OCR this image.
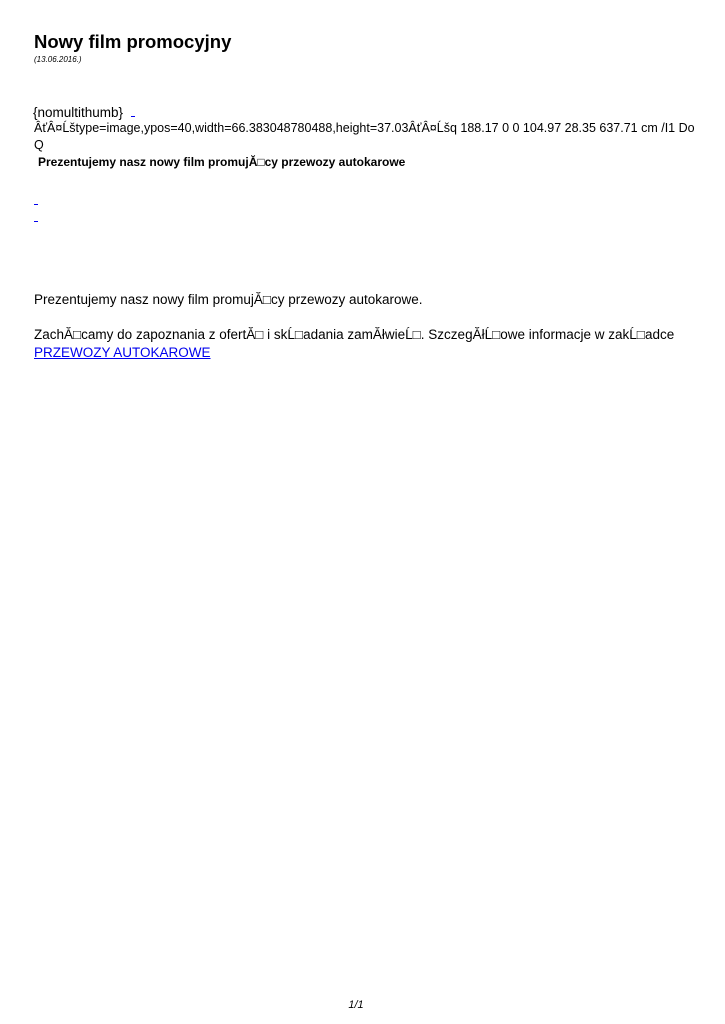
Nowy film promocyjny
(13.06.2016.)
{nomultithumb}
ÂťÂ¤Ĺštype=image,ypos=40,width=66.383048780488,height=37.03ÂťÂ¤Ĺšq 188.17 0 0 104.97 28.35 637.71 cm /I1 Do
Q
Prezentujemy nasz nowy film promujĂ□cy przewozy autokarowe
Prezentujemy nasz nowy film promujĂ□cy przewozy autokarowe.
ZachĂ□camy do zapoznania z ofertĂ□ i skĹ□adania zamĂłwieĹ□. SzczegĂłĹ□owe informacje w zakĹ□adce
PRZEWOZY AUTOKAROWE
1/1
